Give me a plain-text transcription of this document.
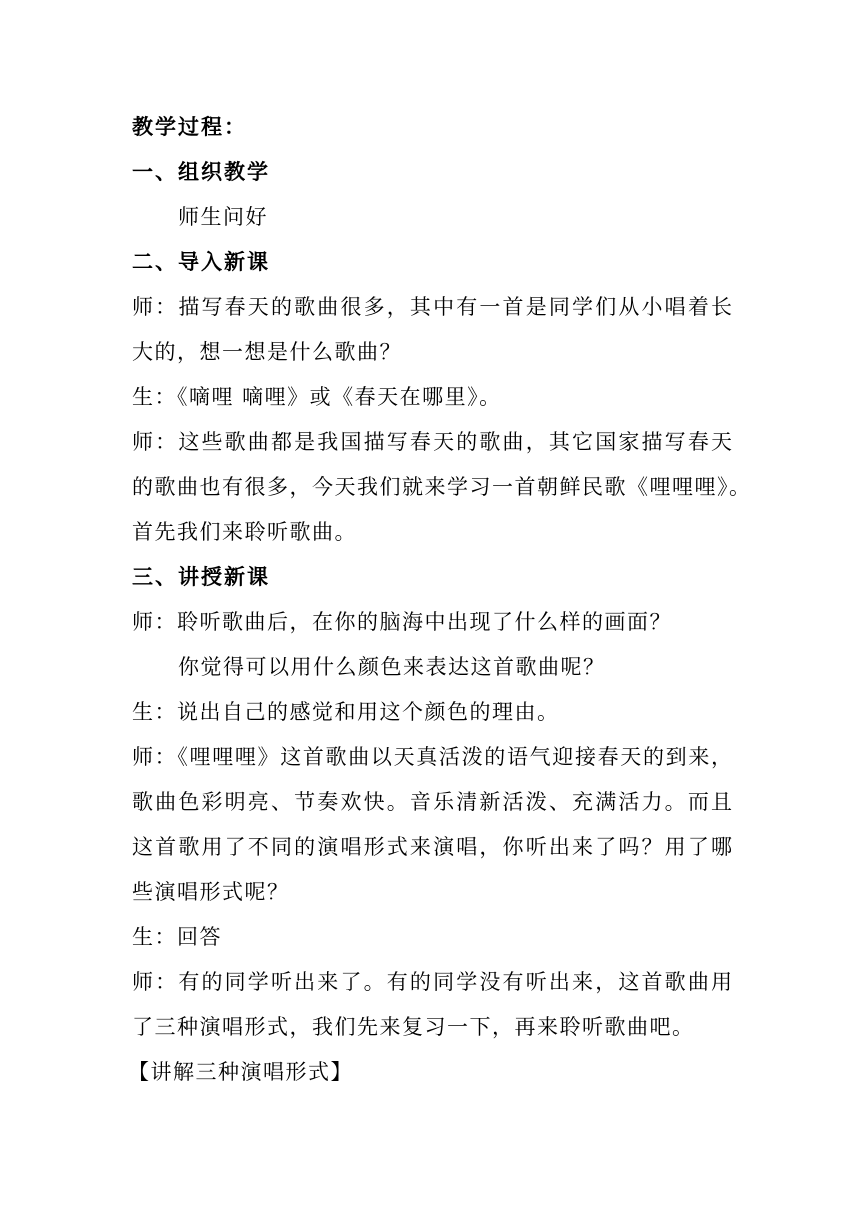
教学过程：
一、组织教学
师生问好
二、导入新课
师：描写春天的歌曲很多，其中有一首是同学们从小唱着长
大的，想一想是什么歌曲？
生：《嘀哩 嘀哩》或《春天在哪里》。
师：这些歌曲都是我国描写春天的歌曲，其它国家描写春天
的歌曲也有很多，今天我们就来学习一首朝鲜民歌《哩哩哩》。
首先我们来聆听歌曲。
三、讲授新课
师：聆听歌曲后，在你的脑海中出现了什么样的画面？
你觉得可以用什么颜色来表达这首歌曲呢？
生：说出自己的感觉和用这个颜色的理由。
师：《哩哩哩》这首歌曲以天真活泼的语气迎接春天的到来，
歌曲色彩明亮、节奏欢快。音乐清新活泼、充满活力。而且
这首歌用了不同的演唱形式来演唱，你听出来了吗？用了哪
些演唱形式呢？
生：回答
师：有的同学听出来了。有的同学没有听出来，这首歌曲用
了三种演唱形式，我们先来复习一下，再来聆听歌曲吧。
【讲解三种演唱形式】
